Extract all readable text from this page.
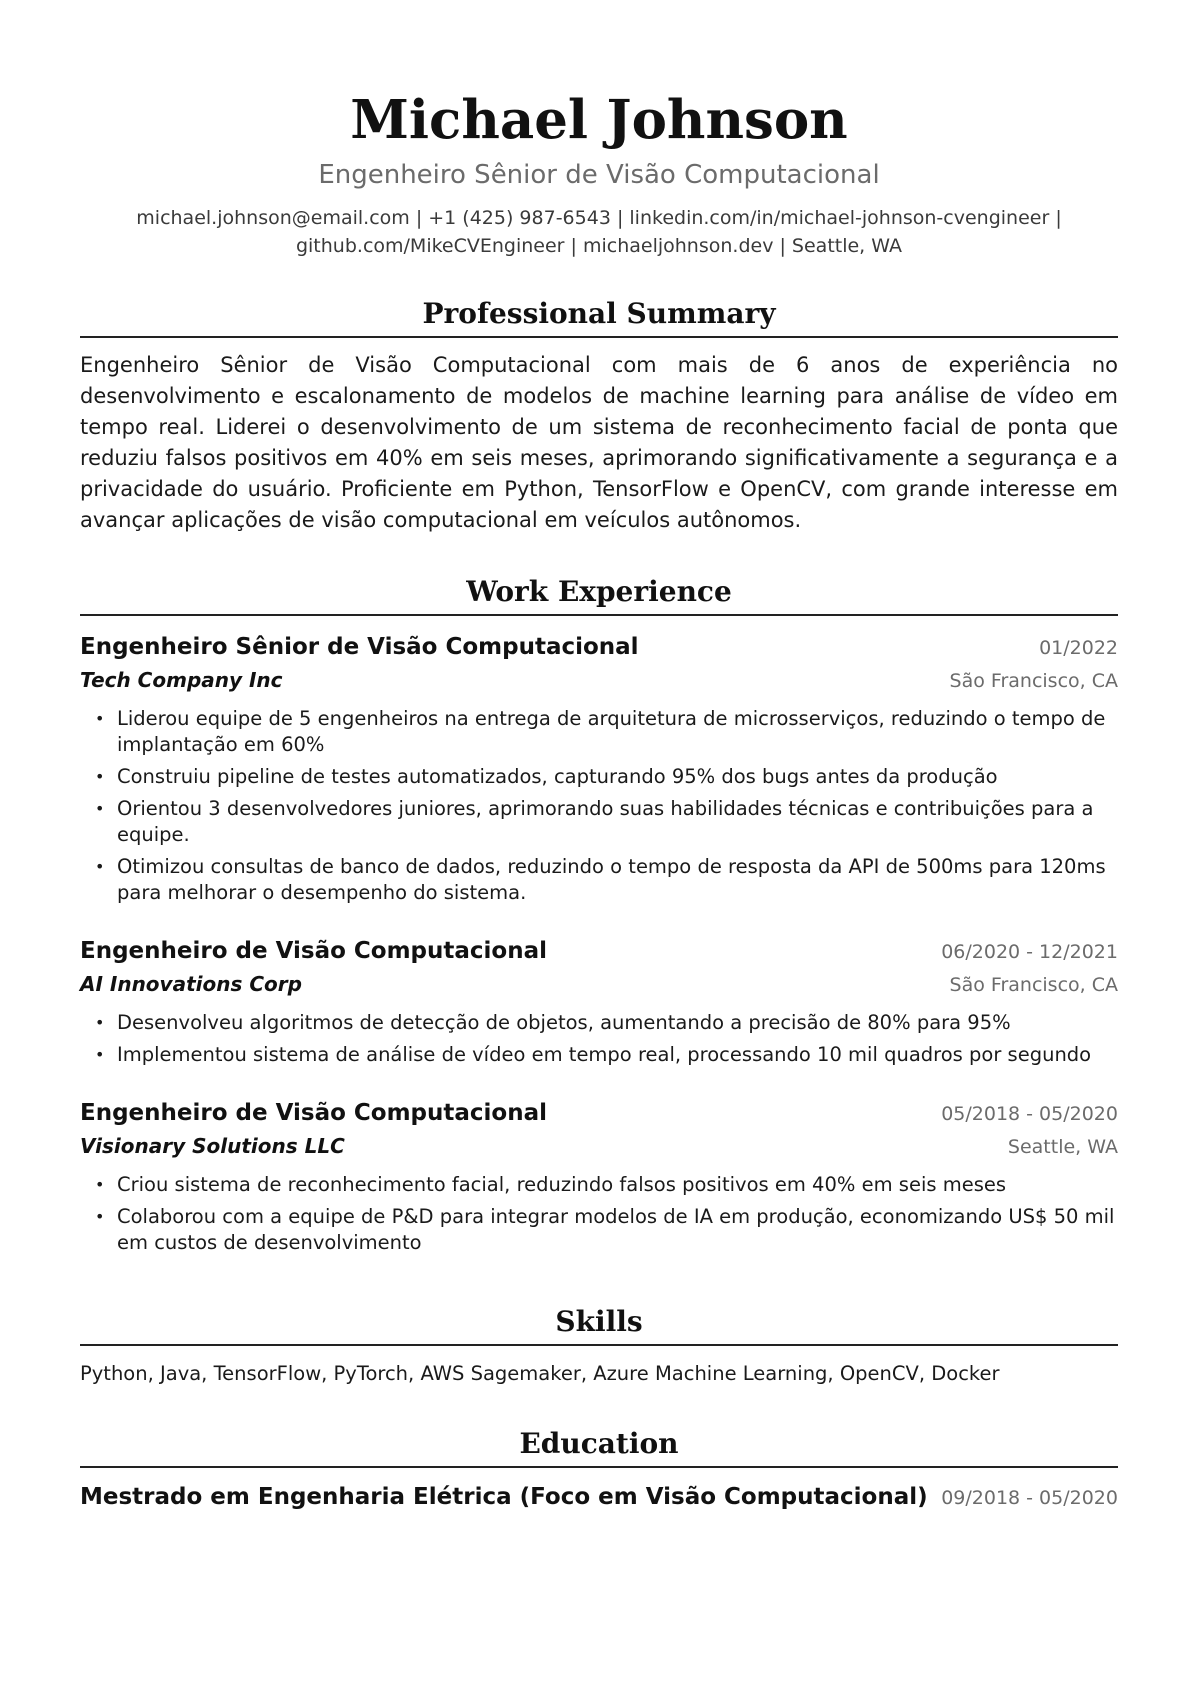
Michael Johnson
Engenheiro Sênior de Visão Computacional
michael.johnson@email.com | +1 (425) 987-6543 | linkedin.com/in/michael-johnson-cvengineer |
github.com/MikeCVEngineer | michaeljohnson.dev | Seattle, WA
Professional Summary
Engenheiro Sênior de Visão Computacional com mais de 6 anos de experiência no desenvolvimento e escalonamento de modelos de machine learning para análise de vídeo em tempo real. Liderei o desenvolvimento de um sistema de reconhecimento facial de ponta que reduziu falsos positivos em 40% em seis meses, aprimorando significativamente a segurança e a privacidade do usuário. Proficiente em Python, TensorFlow e OpenCV, com grande interesse em avançar aplicações de visão computacional em veículos autônomos.
Work Experience
Engenheiro Sênior de Visão Computacional	01/2022
Tech Company Inc	São Francisco, CA
• Liderou equipe de 5 engenheiros na entrega de arquitetura de microsserviços, reduzindo o tempo de implantação em 60%
• Construiu pipeline de testes automatizados, capturando 95% dos bugs antes da produção
• Orientou 3 desenvolvedores juniores, aprimorando suas habilidades técnicas e contribuições para a equipe.
• Otimizou consultas de banco de dados, reduzindo o tempo de resposta da API de 500ms para 120ms para melhorar o desempenho do sistema.
Engenheiro de Visão Computacional	06/2020 - 12/2021
AI Innovations Corp	São Francisco, CA
• Desenvolveu algoritmos de detecção de objetos, aumentando a precisão de 80% para 95%
• Implementou sistema de análise de vídeo em tempo real, processando 10 mil quadros por segundo
Engenheiro de Visão Computacional	05/2018 - 05/2020
Visionary Solutions LLC	Seattle, WA
• Criou sistema de reconhecimento facial, reduzindo falsos positivos em 40% em seis meses
• Colaborou com a equipe de P&D para integrar modelos de IA em produção, economizando US$ 50 mil em custos de desenvolvimento
Skills
Python, Java, TensorFlow, PyTorch, AWS Sagemaker, Azure Machine Learning, OpenCV, Docker
Education
Mestrado em Engenharia Elétrica (Foco em Visão Computacional) 09/2018 - 05/2020
